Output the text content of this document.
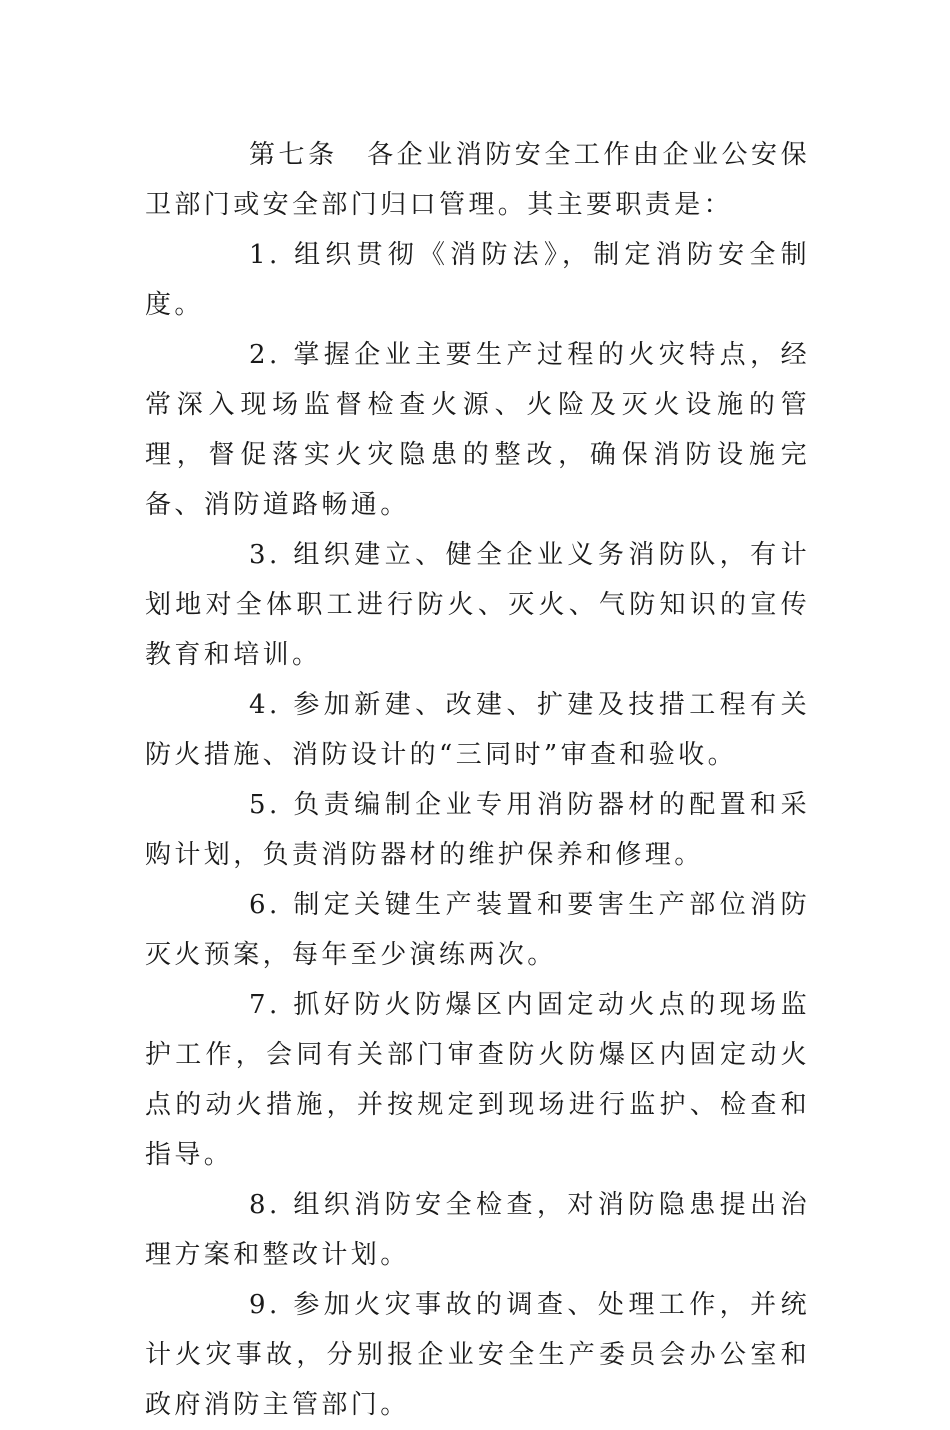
第七条　各企业消防安全工作由企业公安保卫部门或安全部门归口管理。其主要职责是：

1. 组织贯彻《消防法》，制定消防安全制度。

2. 掌握企业主要生产过程的火灾特点，经常深入现场监督检查火源、火险及灭火设施的管理，督促落实火灾隐患的整改，确保消防设施完备、消防道路畅通。

3. 组织建立、健全企业义务消防队，有计划地对全体职工进行防火、灭火、气防知识的宣传教育和培训。

4. 参加新建、改建、扩建及技措工程有关防火措施、消防设计的“三同时”审查和验收。

5. 负责编制企业专用消防器材的配置和采购计划，负责消防器材的维护保养和修理。

6. 制定关键生产装置和要害生产部位消防灭火预案，每年至少演练两次。

7. 抓好防火防爆区内固定动火点的现场监护工作，会同有关部门审查防火防爆区内固定动火点的动火措施，并按规定到现场进行监护、检查和指导。

8. 组织消防安全检查，对消防隐患提出治理方案和整改计划。

9. 参加火灾事故的调查、处理工作，并统计火灾事故，分别报企业安全生产委员会办公室和政府消防主管部门。
